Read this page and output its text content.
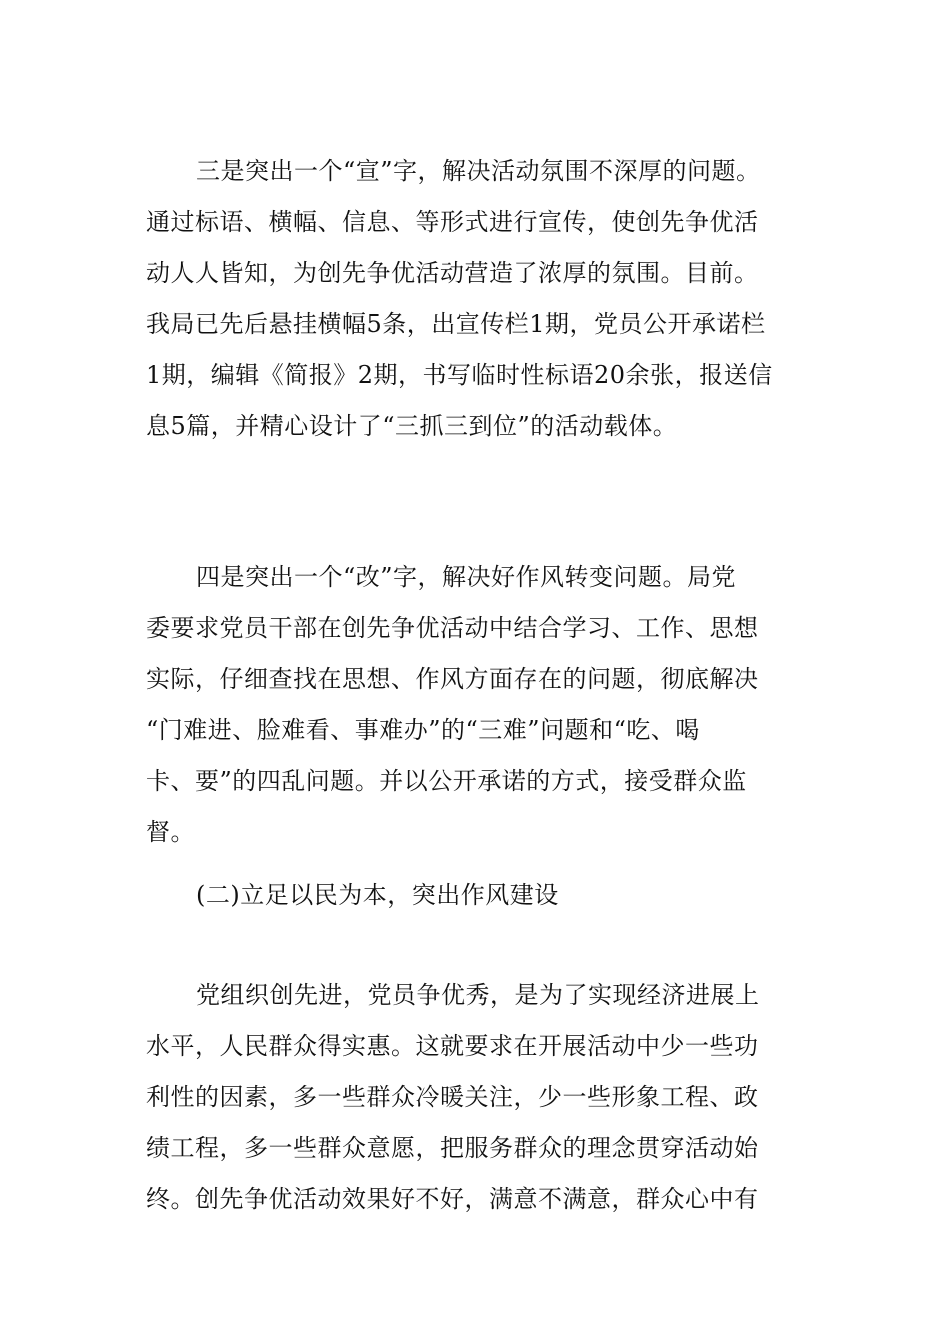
三是突出一个“宣”字，解决活动氛围不深厚的问题。
通过标语、横幅、信息、等形式进行宣传，使创先争优活
动人人皆知，为创先争优活动营造了浓厚的氛围。目前。
我局已先后悬挂横幅5条，出宣传栏1期，党员公开承诺栏
1期，编辑《简报》2期，书写临时性标语20余张，报送信
息5篇，并精心设计了“三抓三到位”的活动载体。
四是突出一个“改”字，解决好作风转变问题。局党
委要求党员干部在创先争优活动中结合学习、工作、思想
实际，仔细查找在思想、作风方面存在的问题，彻底解决
“门难进、脸难看、事难办”的“三难”问题和“吃、喝
卡、要”的四乱问题。并以公开承诺的方式，接受群众监
督。
(二)立足以民为本，突出作风建设
党组织创先进，党员争优秀，是为了实现经济进展上
水平，人民群众得实惠。这就要求在开展活动中少一些功
利性的因素，多一些群众冷暖关注，少一些形象工程、政
绩工程，多一些群众意愿，把服务群众的理念贯穿活动始
终。创先争优活动效果好不好，满意不满意，群众心中有
